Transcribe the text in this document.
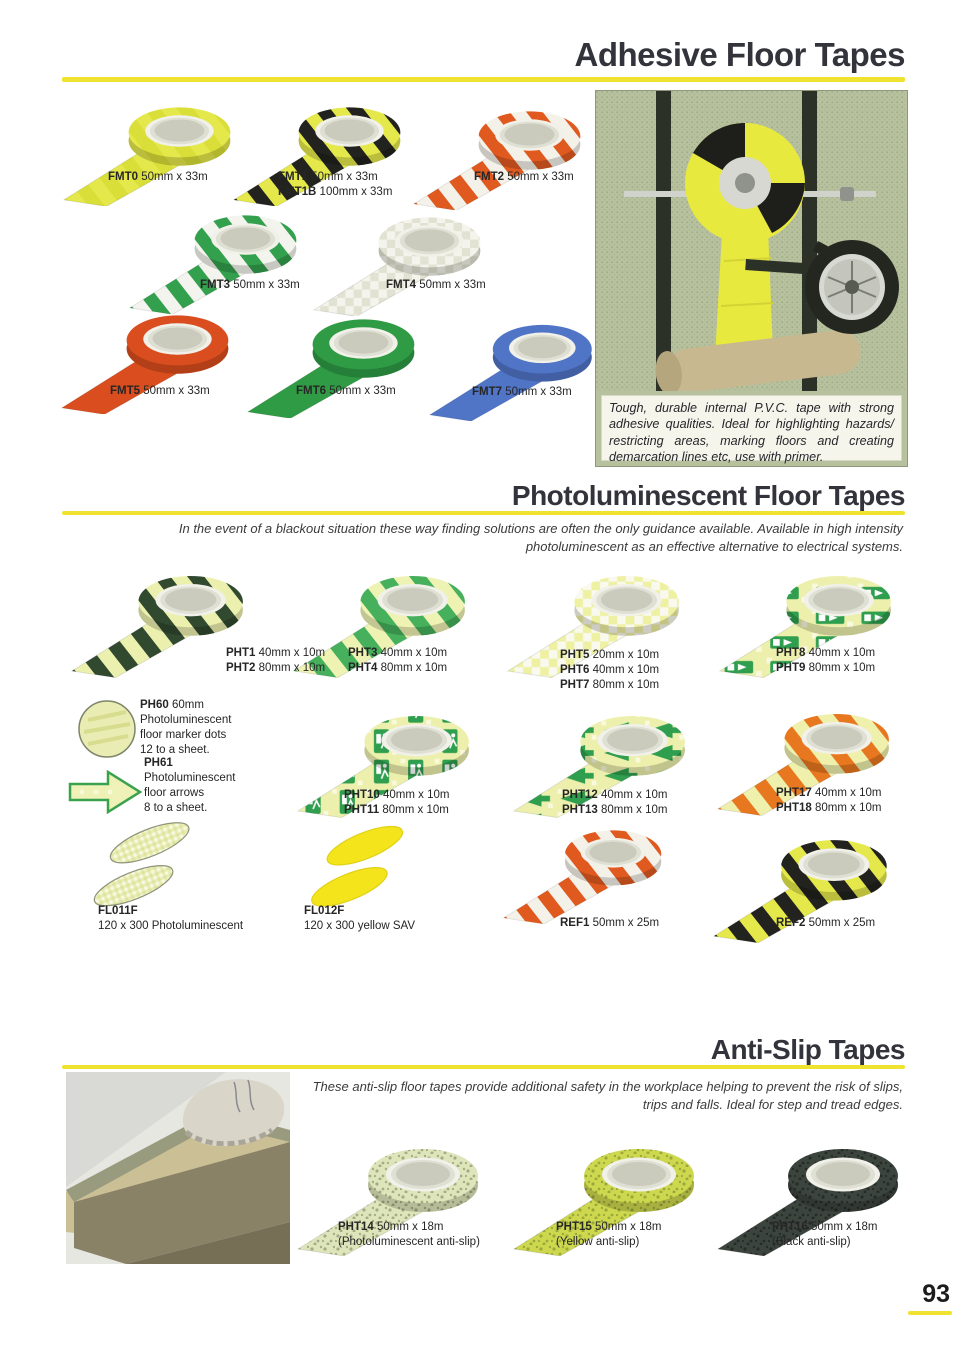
Adhesive Floor Tapes
FMT0 50mm x 33m	FMT1 50mm x 33m
FMT1B 100mm x 33m
FMT2 50mm x 33m
FMT3 50mm x 33m	FMT4 50mm x 33m
FMT5 50mm x 33m	FMT6 50mm x 33m	FMT7 50mm x 33m
Tough, durable internal P.V.C. tape with strong adhesive qualities. Ideal for highlighting hazards/ restricting areas, marking floors and creating demarcation lines etc, use with primer.
Photoluminescent Floor Tapes
In the event of a blackout situation these way finding solutions are often the only guidance available. Available in high intensity photoluminescent as an effective alternative to electrical systems.
PHT1 40mm x 10m
PHT2 80mm x 10m
PHT3 40mm x 10m
PHT4 80mm x 10m
PHT5 20mm x 10m
PHT6 40mm x 10m
PHT7 80mm x 10m
PHT8 40mm x 10m
PHT9 80mm x 10m
PH60 60mm
Photoluminescent
floor marker dots
12 to a sheet.
PH61
Photoluminescent
floor arrows
8 to a sheet.
PHT10 40mm x 10m
PHT11 80mm x 10m
PHT12 40mm x 10m
PHT13 80mm x 10m
PHT17 40mm x 10m
PHT18 80mm x 10m
FL011F
120 x 300 Photoluminescent
FL012F
120 x 300 yellow SAV	REF1 50mm x 25m	REF2 50mm x 25m
Anti-Slip Tapes
These anti-slip floor tapes provide additional safety in the workplace helping to prevent the risk of slips, trips and falls. Ideal for step and tread edges.
PHT14 50mm x 18m
(Photoluminescent anti-slip)
PHT15 50mm x 18m
(Yellow anti-slip)
PHT16 50mm x 18m
(Black anti-slip)
93
